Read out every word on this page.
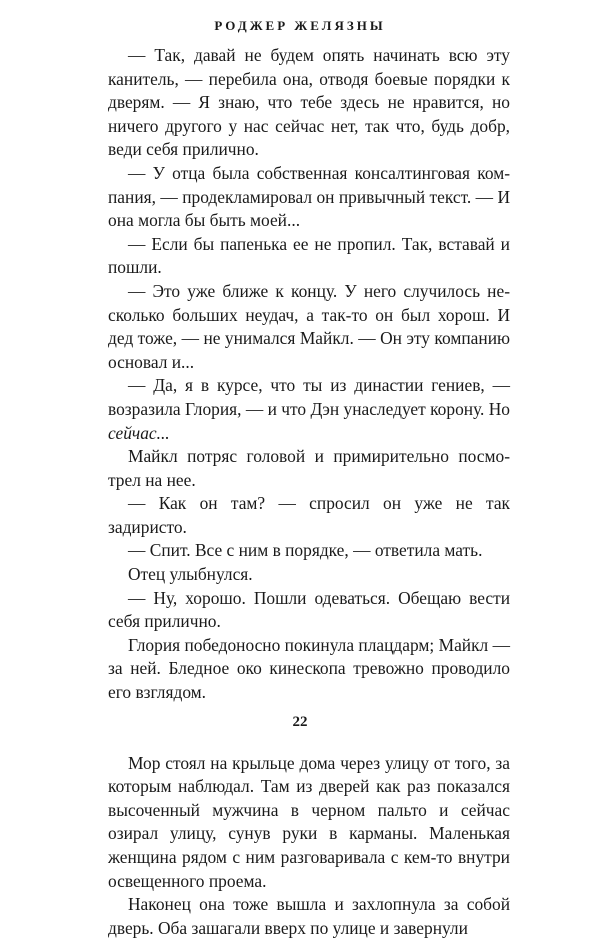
РОДЖЕР ЖЕЛЯЗНЫ

— Так, давай не будем опять начинать всю эту канитель, — перебила она, отводя боевые порядки к дверям. — Я знаю, что тебе здесь не нравится, но ничего другого у нас сейчас нет, так что, будь добр, веди себя прилично.

— У отца была собственная консалтинговая компания, — продекламировал он привычный текст. — И она могла бы быть моей...

— Если бы папенька ее не пропил. Так, вставай и пошли.

— Это уже ближе к концу. У него случилось несколько больших неудач, а так-то он был хорош. И дед тоже, — не унимался Майкл. — Он эту компанию основал и...

— Да, я в курсе, что ты из династии гениев, — возразила Глория, — и что Дэн унаследует корону. Но сейчас...

Майкл потряс головой и примирительно посмотрел на нее.

— Как он там? — спросил он уже не так задиристо.

— Спит. Все с ним в порядке, — ответила мать.

Отец улыбнулся.

— Ну, хорошо. Пошли одеваться. Обещаю вести себя прилично.

Глория победоносно покинула плацдарм; Майкл — за ней. Бледное око кинескопа тревожно проводило его взглядом.

Мор стоял на крыльце дома через улицу от того, за которым наблюдал. Там из дверей как раз показался высоченный мужчина в черном пальто и сейчас озирал улицу, сунув руки в карманы. Маленькая женщина рядом с ним разговаривала с кем-то внутри освещенного проема.

Наконец она тоже вышла и захлопнула за собой дверь. Оба зашагали вверх по улице и завернули

22
